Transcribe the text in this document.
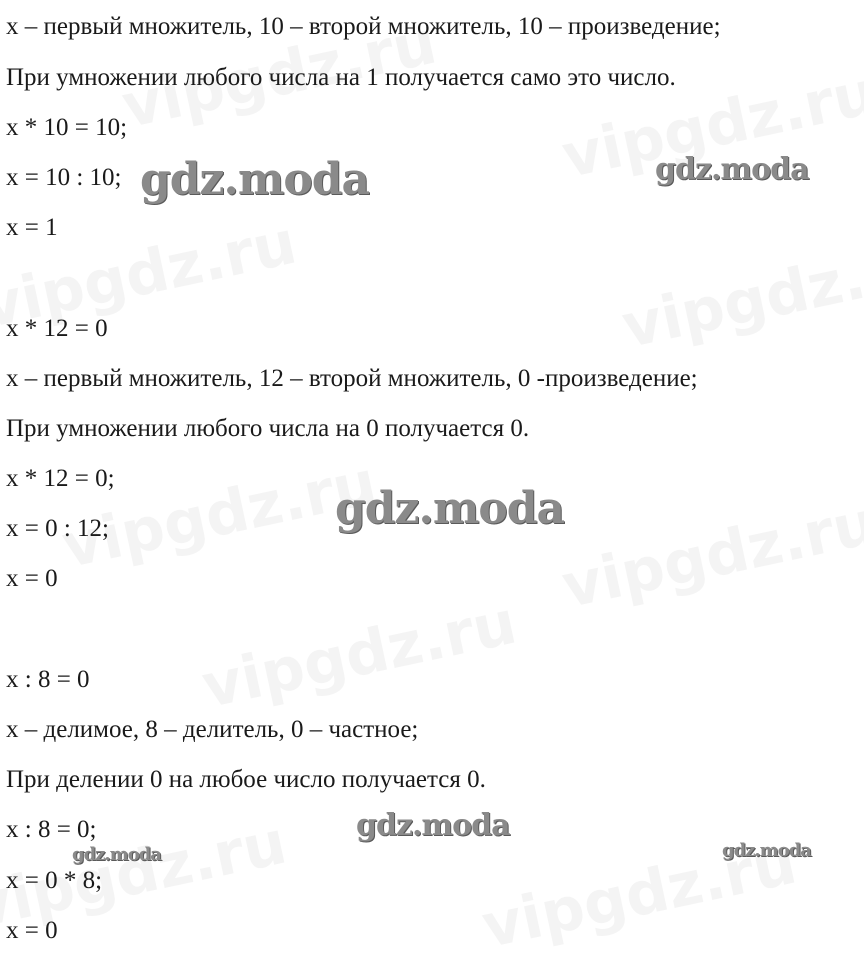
x – первый множитель, 10 – второй множитель, 10 – произведение;
При умножении любого числа на 1 получается само это число.
x * 10 = 10;
x = 10 : 10;
x = 1
x * 12 = 0
x – первый множитель, 12 – второй множитель, 0 -произведение;
При умножении любого числа на 0 получается 0.
x * 12 = 0;
x = 0 : 12;
x = 0
x : 8 = 0
x – делимое, 8 – делитель, 0 – частное;
При делении 0 на любое число получается 0.
x : 8 = 0;
x = 0 * 8;
x = 0
gdz.moda	gdz.moda
gdz.moda
gdz.moda
gdz.moda	gdz.moda
